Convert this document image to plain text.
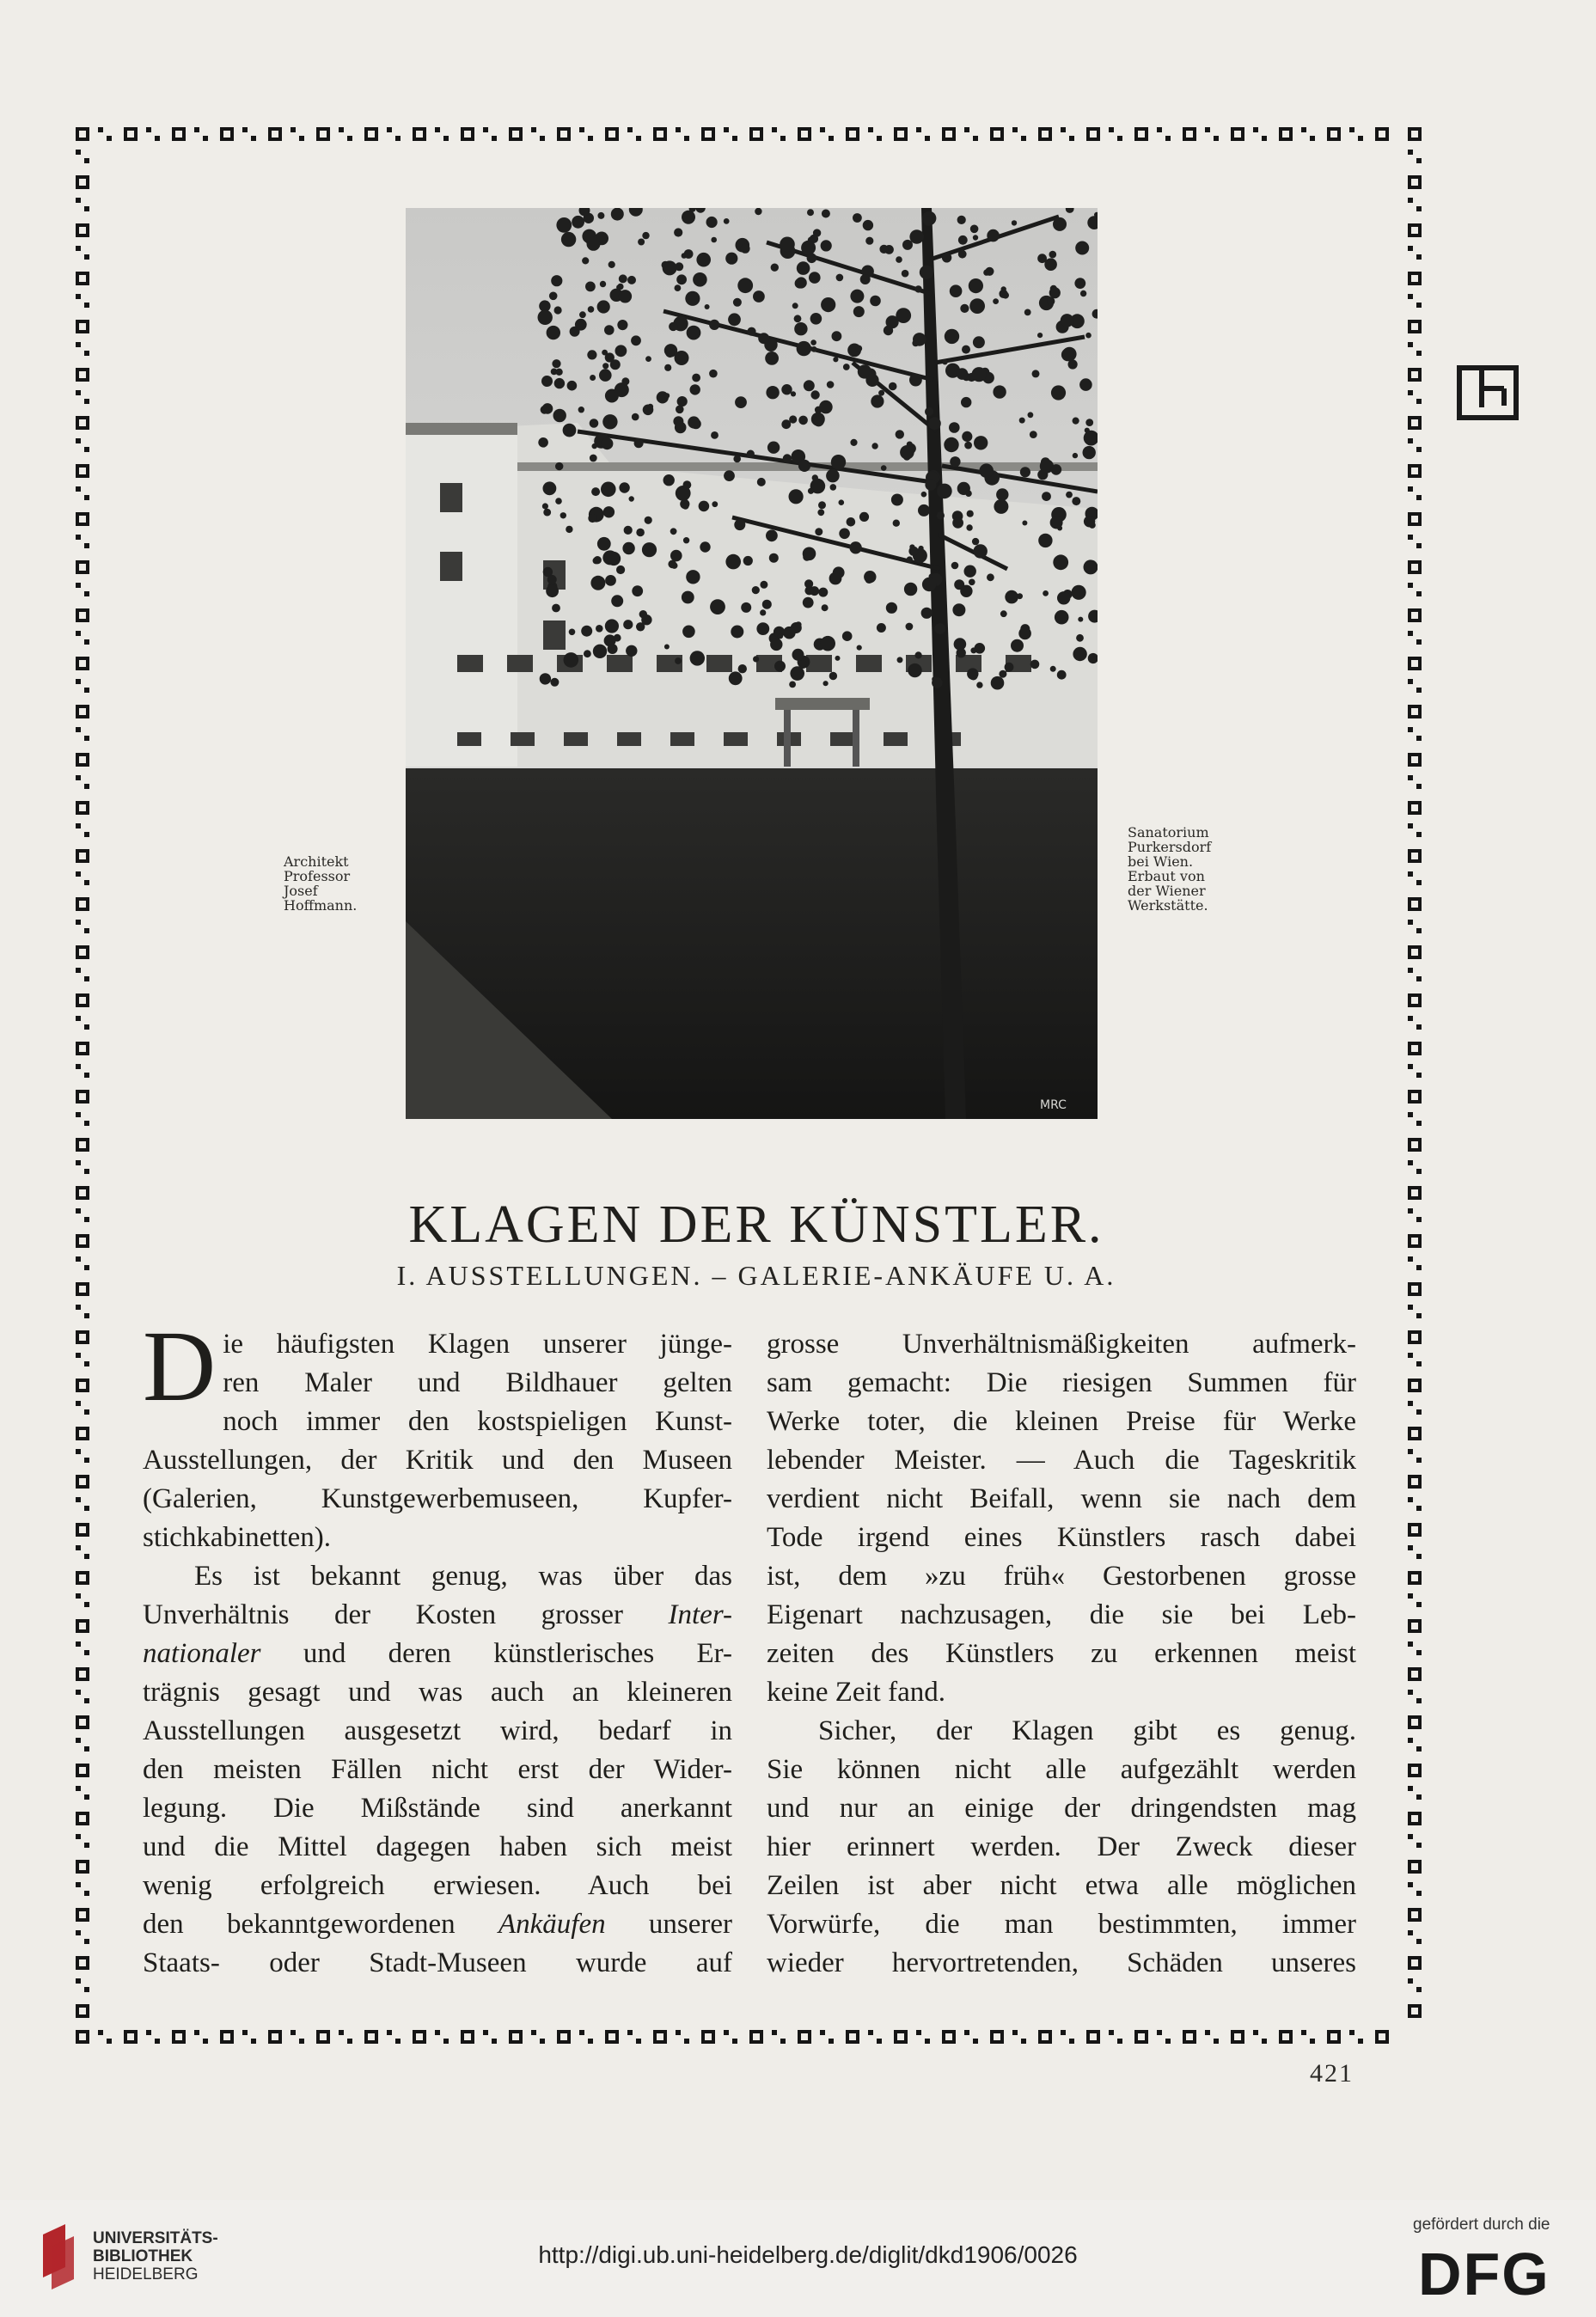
MRC
Architekt
Professor
Josef
Hoffmann.
Sanatorium
Purkersdorf
bei Wien.
Erbaut von
der Wiener
Werkstätte.
KLAGEN DER KÜNSTLER.
I. AUSSTELLUNGEN. – GALERIE-ANKÄUFE U. A.
D ie häufigsten Klagen unserer jünge-
ren Maler und Bildhauer gelten
noch immer den kostspieligen Kunst-
Ausstellungen, der Kritik und den Museen
(Galerien, Kunstgewerbemuseen, Kupfer-
stichkabinetten).
Es ist bekannt genug, was über das
Unverhältnis der Kosten grosser Inter-
nationaler und deren künstlerisches Er-
trägnis gesagt und was auch an kleineren
Ausstellungen ausgesetzt wird, bedarf in
den meisten Fällen nicht erst der Wider-
legung. Die Mißstände sind anerkannt
und die Mittel dagegen haben sich meist
wenig erfolgreich erwiesen. Auch bei
den bekanntgewordenen Ankäufen unserer
Staats- oder Stadt-Museen wurde auf
grosse Unverhältnismäßigkeiten aufmerk-
sam gemacht: Die riesigen Summen für
Werke toter, die kleinen Preise für Werke
lebender Meister. — Auch die Tageskritik
verdient nicht Beifall, wenn sie nach dem
Tode irgend eines Künstlers rasch dabei
ist, dem »zu früh« Gestorbenen grosse
Eigenart nachzusagen, die sie bei Leb-
zeiten des Künstlers zu erkennen meist
keine Zeit fand.
Sicher, der Klagen gibt es genug.
Sie können nicht alle aufgezählt werden
und nur an einige der dringendsten mag
hier erinnert werden. Der Zweck dieser
Zeilen ist aber nicht etwa alle möglichen
Vorwürfe, die man bestimmten, immer
wieder hervortretenden, Schäden unseres
421
UNIVERSITÄTS-
BIBLIOTHEK
HEIDELBERG
http://digi.ub.uni-heidelberg.de/diglit/dkd1906/0026
gefördert durch die
DFG
